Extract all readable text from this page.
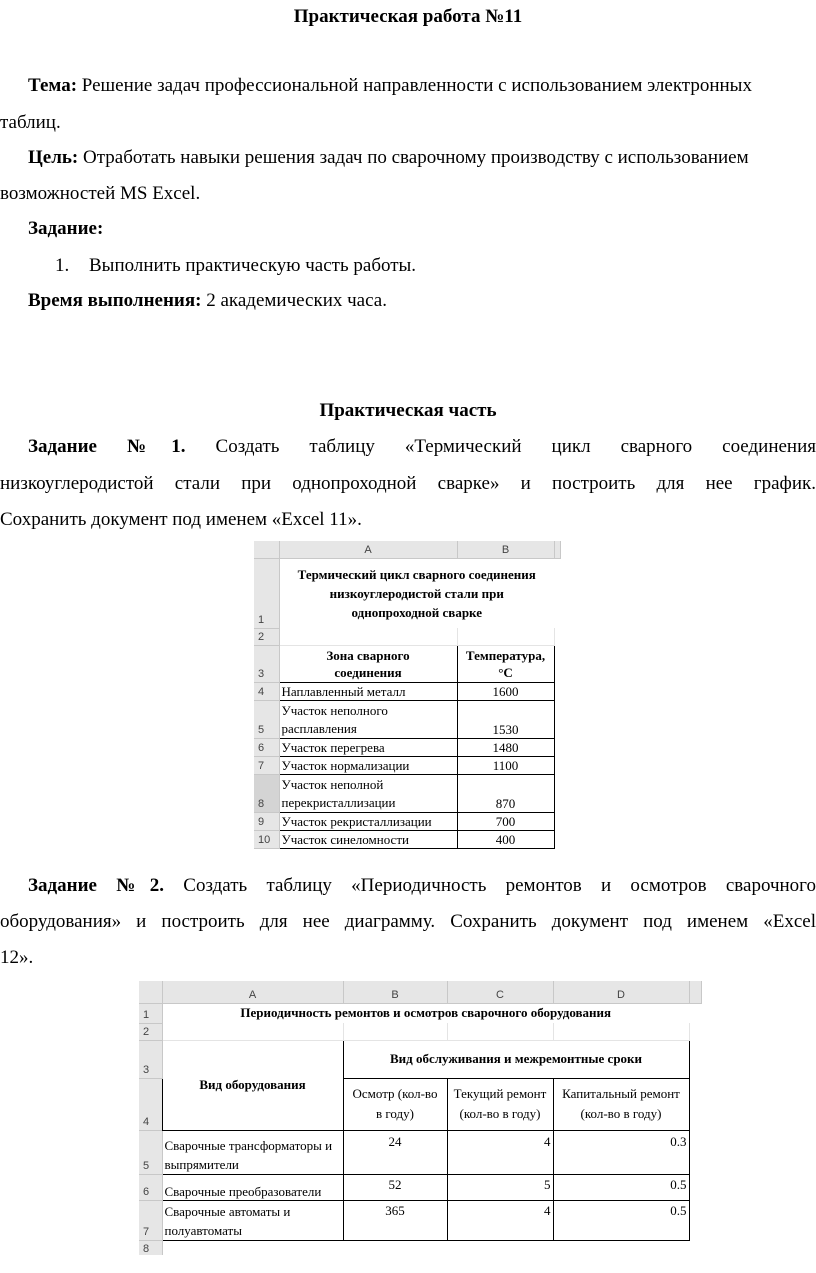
Практическая работа №11
Тема: Решение задач профессиональной направленности с использованием электронных
таблиц.
Цель: Отработать навыки решения задач по сварочному производству с использованием
возможностей MS Excel.
Задание:
1. Выполнить практическую часть работы.
Время выполнения: 2 академических часа.
Практическая часть
Задание №1. Создать таблицу «Термический цикл сварного соединения
низкоуглеродистой стали при однопроходной сварке» и построить для нее график.
Сохранить документ под именем «Excel 11».
	A	B	
1	Термический цикл сварного соединения низкоуглеродистой стали при однопроходной сварке		
2			
3	Зона сварного соединения	Температура, °С	
4	Наплавленный металл	1600	
5	Участок неполного расплавления	1530	
6	Участок перегрева	1480	
7	Участок нормализации	1100	
8	Участок неполной перекристаллизации	870	
9	Участок рекристаллизации	700	
10	Участок синеломности	400	
Задание №2. Создать таблицу «Периодичность ремонтов и осмотров сварочного
оборудования» и построить для нее диаграмму. Сохранить документ под именем «Excel
12».
	A	B	C	D	
1	Периодичность ремонтов и осмотров сварочного оборудования				
2					
3	Вид оборудования	Вид обслуживания и межремонтные сроки			
4		Осмотр (кол-во в году)	Текущий ремонт (кол-во в году)	Капитальный ремонт (кол-во в году)	
5	Сварочные трансформаторы и выпрямители	24	4	0.3	
6	Сварочные преобразователи	52	5	0.5	
7	Сварочные автоматы и полуавтоматы	365	4	0.5	
8					
